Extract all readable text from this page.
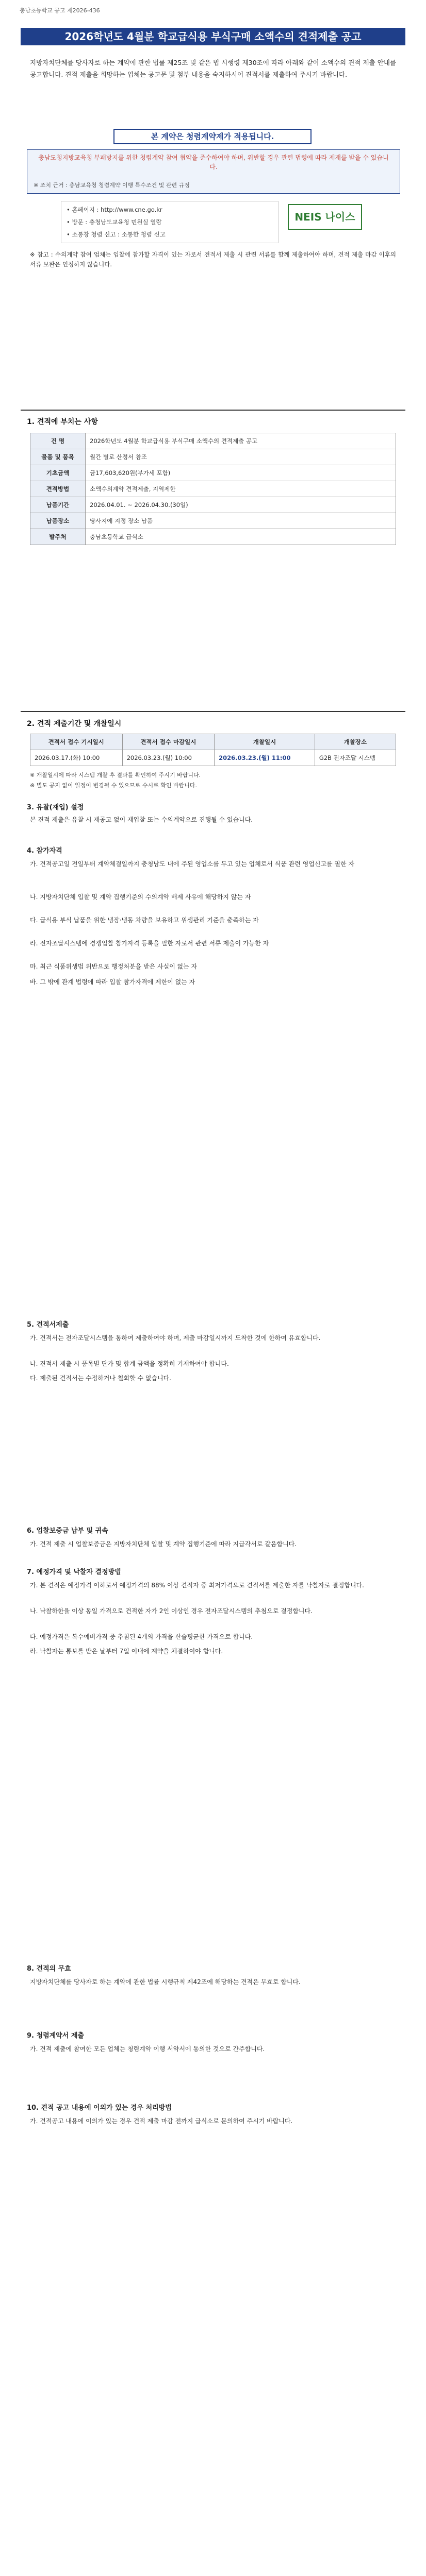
충남초등학교 공고 제2026-436
2026학년도 4월분 학교급식용 부식구매 소액수의 견적제출 공고
지방자치단체를 당사자로 하는 계약에 관한 법률 제25조 및 같은 법 시행령 제30조에 따라 아래와 같이 소액수의 견적 제출 안내를 공고합니다. 견적 제출을 희망하는 업체는 공고문 및 첨부 내용을 숙지하시어 견적서를 제출하여 주시기 바랍니다.
본 계약은 청렴계약제가 적용됩니다.
충남도청지방교육청 부패방지를 위한 청렴계약 참여 협약을 준수하여야 하며, 위반할 경우 관련 법령에 따라 제재를 받을 수 있습니다.
※ 조치 근거 : 충남교육청 청렴계약 이행 특수조건 및 관련 규정
• 홈페이지 : http://www.cne.go.kr
• 방문 : 충청남도교육청 민원실 열람
• 소통창 청렴 신고 : 소통한 청렴 신고
NEIS 나이스
※ 참고 : 수의계약 참여 업체는 입찰에 참가할 자격이 있는 자로서 견적서 제출 시 관련 서류를 함께 제출하여야 하며, 견적 제출 마감 이후의 서류 보완은 인정하지 않습니다.
1. 견적에 부치는 사항
건 명	2026학년도 4월분 학교급식용 부식구매 소액수의 견적제출 공고
물품 및 품목	월간 별로 산정서 참조
기초금액	금17,603,620원(부가세 포함)
견적방법	소액수의계약 견적제출, 지역제한
납품기간	2026.04.01. ~ 2026.04.30.(30일)
납품장소	당사지에 지정 장소 납품
발주처	충남초등학교 급식소
2. 견적 제출기간 및 개찰일시
견적서 접수 기시일시	견적서 접수 마감일시	개찰일시	개찰장소
2026.03.17.(화) 10:00	2026.03.23.(월) 10:00	2026.03.23.(월) 11:00	G2B 전자조달 시스템
※ 개찰일시에 따라 시스템 개찰 후 결과를 확인하여 주시기 바랍니다.
※ 별도 공지 없이 일정이 변경될 수 있으므로 수시로 확인 바랍니다.
3. 유찰(재입) 설정
본 견적 제출은 유찰 시 재공고 없이 재입찰 또는 수의계약으로 진행될 수 있습니다.
4. 참가자격
가. 견적공고일 전일부터 계약체결일까지 충청남도 내에 주된 영업소를 두고 있는 업체로서 식품 관련 영업신고를 필한 자
나. 지방자치단체 입찰 및 계약 집행기준의 수의계약 배제 사유에 해당하지 않는 자
다. 급식용 부식 납품을 위한 냉장·냉동 차량을 보유하고 위생관리 기준을 충족하는 자
라. 전자조달시스템에 경쟁입찰 참가자격 등록을 필한 자로서 관련 서류 제출이 가능한 자
마. 최근 식품위생법 위반으로 행정처분을 받은 사실이 없는 자
바. 그 밖에 관계 법령에 따라 입찰 참가자격에 제한이 없는 자
5. 견적서제출
가. 견적서는 전자조달시스템을 통하여 제출하여야 하며, 제출 마감일시까지 도착한 것에 한하여 유효합니다.
나. 견적서 제출 시 품목별 단가 및 합계 금액을 정확히 기재하여야 합니다.
다. 제출된 견적서는 수정하거나 철회할 수 없습니다.
6. 업찰보증금 납부 및 귀속
가. 견적 제출 시 업찰보증금은 지방자치단체 입찰 및 계약 집행기준에 따라 지급각서로 갈음합니다.
7. 예정가격 및 낙찰자 결정방법
가. 본 견적은 예정가격 이하로서 예정가격의 88% 이상 견적자 중 최저가격으로 견적서를 제출한 자를 낙찰자로 결정합니다.
나. 낙찰하한율 이상 동일 가격으로 견적한 자가 2인 이상인 경우 전자조달시스템의 추첨으로 결정합니다.
다. 예정가격은 복수예비가격 중 추첨된 4개의 가격을 산술평균한 가격으로 합니다.
라. 낙찰자는 통보를 받은 날부터 7일 이내에 계약을 체결하여야 합니다.
8. 견적의 무효
지방자치단체를 당사자로 하는 계약에 관한 법률 시행규칙 제42조에 해당하는 견적은 무효로 합니다.
9. 청렴계약서 제출
가. 견적 제출에 참여한 모든 업체는 청렴계약 이행 서약서에 동의한 것으로 간주합니다.
10. 견적 공고 내용에 이의가 있는 경우 처리방법
가. 견적공고 내용에 이의가 있는 경우 견적 제출 마감 전까지 급식소로 문의하여 주시기 바랍니다.
